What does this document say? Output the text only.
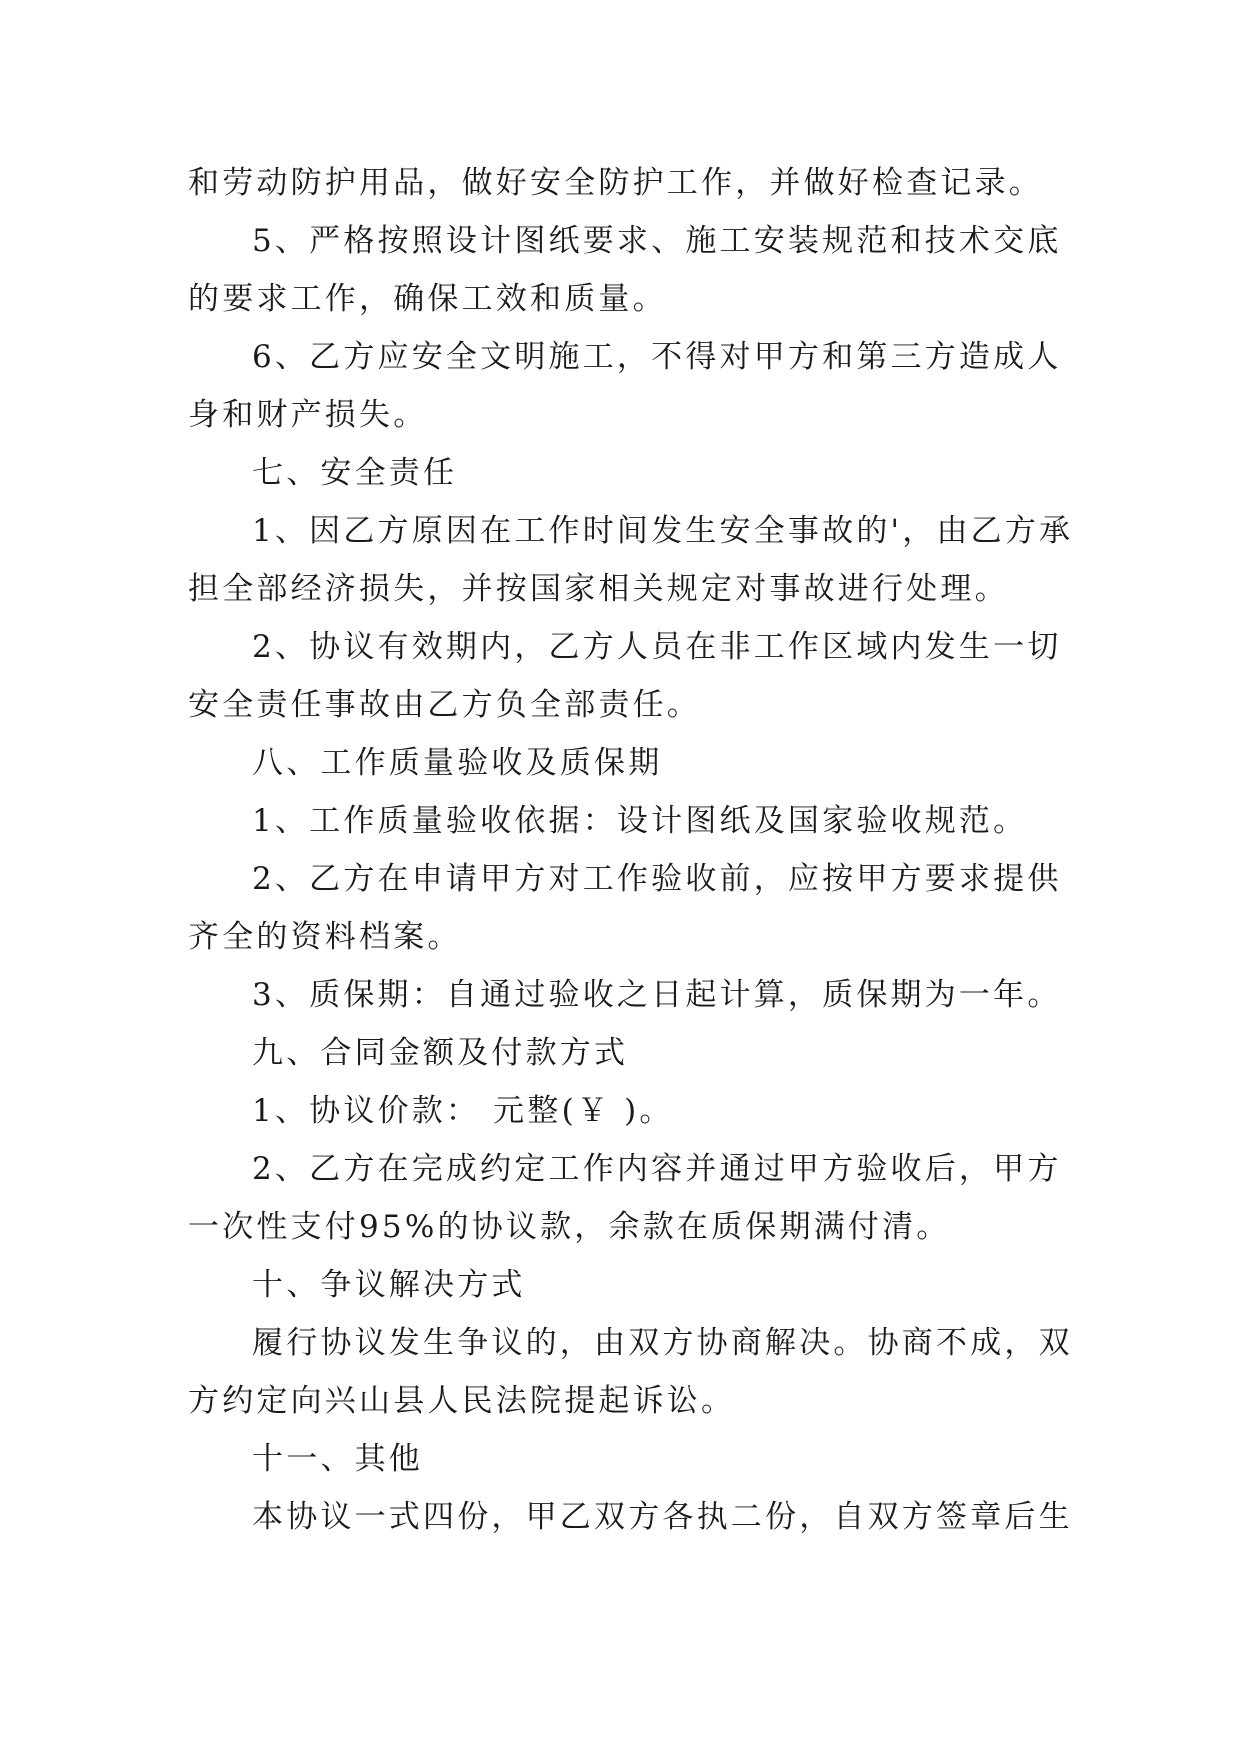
和劳动防护用品，做好安全防护工作，并做好检查记录。
5、严格按照设计图纸要求、施工安装规范和技术交底
的要求工作，确保工效和质量。
6、乙方应安全文明施工，不得对甲方和第三方造成人
身和财产损失。
七、安全责任
1、因乙方原因在工作时间发生安全事故的'，由乙方承
担全部经济损失，并按国家相关规定对事故进行处理。
2、协议有效期内，乙方人员在非工作区域内发生一切
安全责任事故由乙方负全部责任。
八、工作质量验收及质保期
1、工作质量验收依据：设计图纸及国家验收规范。
2、乙方在申请甲方对工作验收前，应按甲方要求提供
齐全的资料档案。
3、质保期：自通过验收之日起计算，质保期为一年。
九、合同金额及付款方式
1、协议价款： 元整(￥ )。
2、乙方在完成约定工作内容并通过甲方验收后，甲方
一次性支付95%的协议款，余款在质保期满付清。
十、争议解决方式
履行协议发生争议的，由双方协商解决。协商不成，双
方约定向兴山县人民法院提起诉讼。
十一、其他
本协议一式四份，甲乙双方各执二份，自双方签章后生
